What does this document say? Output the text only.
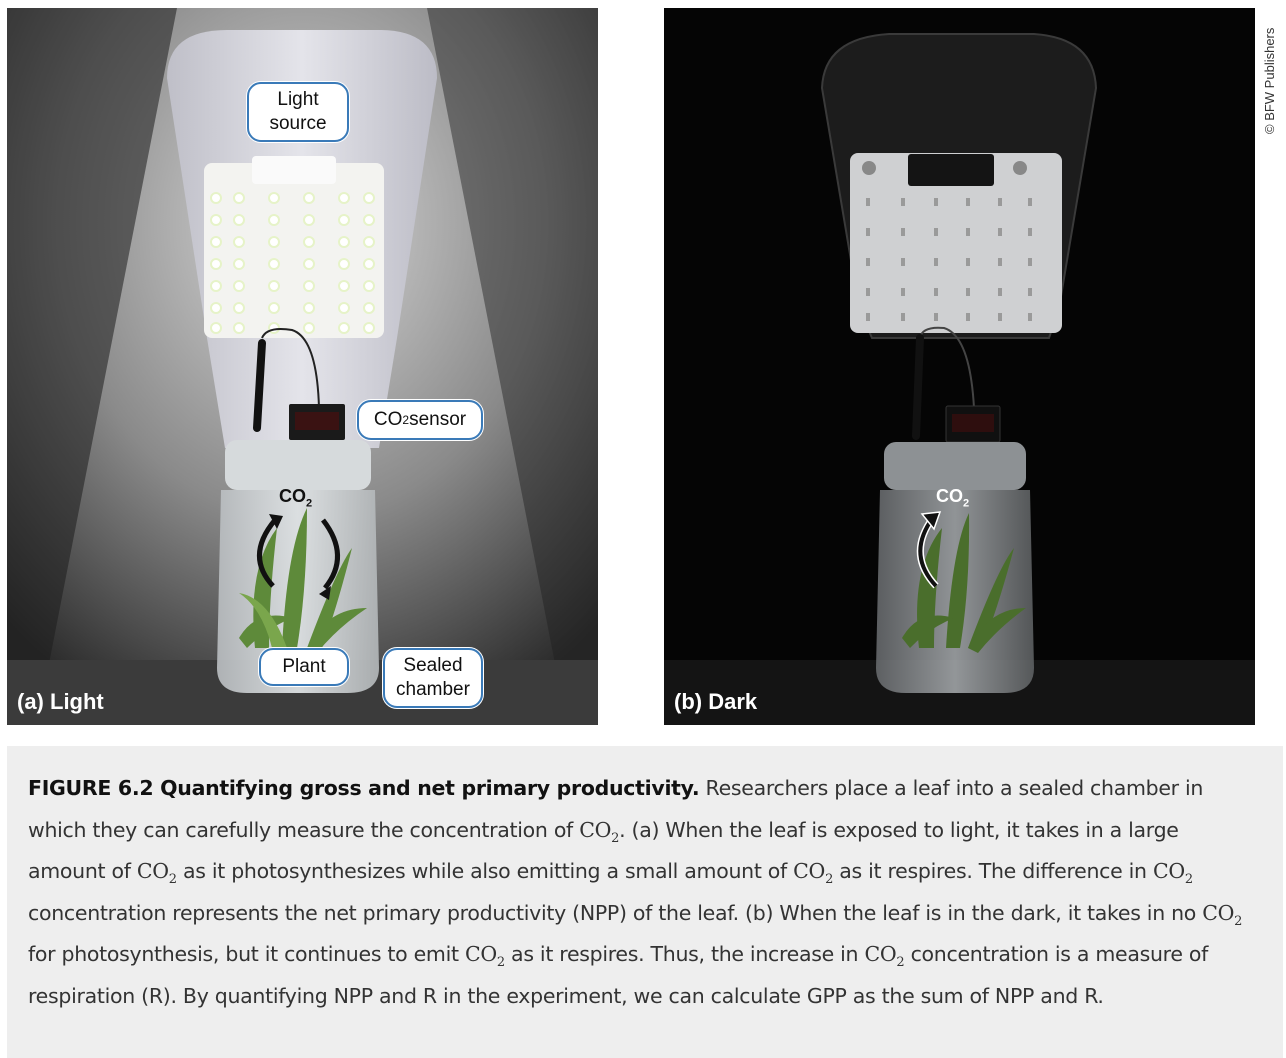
Light source
CO 2 sensor
Plant	Sealed chamber
$CO_2$
(a) Light
$CO_2$
(b) Dark
© BFW Publishers
FIGURE 6.2 Quantifying gross and net primary productivity. Researchers place a leaf into a sealed chamber in which they can carefully measure the concentration of $CO_2$. (a) When the leaf is exposed to light, it takes in a large amount of $CO_2$ as it photosynthesizes while also emitting a small amount of $CO_2$ as it respires. The difference in $CO_2$ concentration represents the net primary productivity (NPP) of the leaf. (b) When the leaf is in the dark, it takes in no $CO_2$ for photosynthesis, but it continues to emit $CO_2$ as it respires. Thus, the increase in $CO_2$ concentration is a measure of respiration (R). By quantifying NPP and R in the experiment, we can calculate GPP as the sum of NPP and R.
